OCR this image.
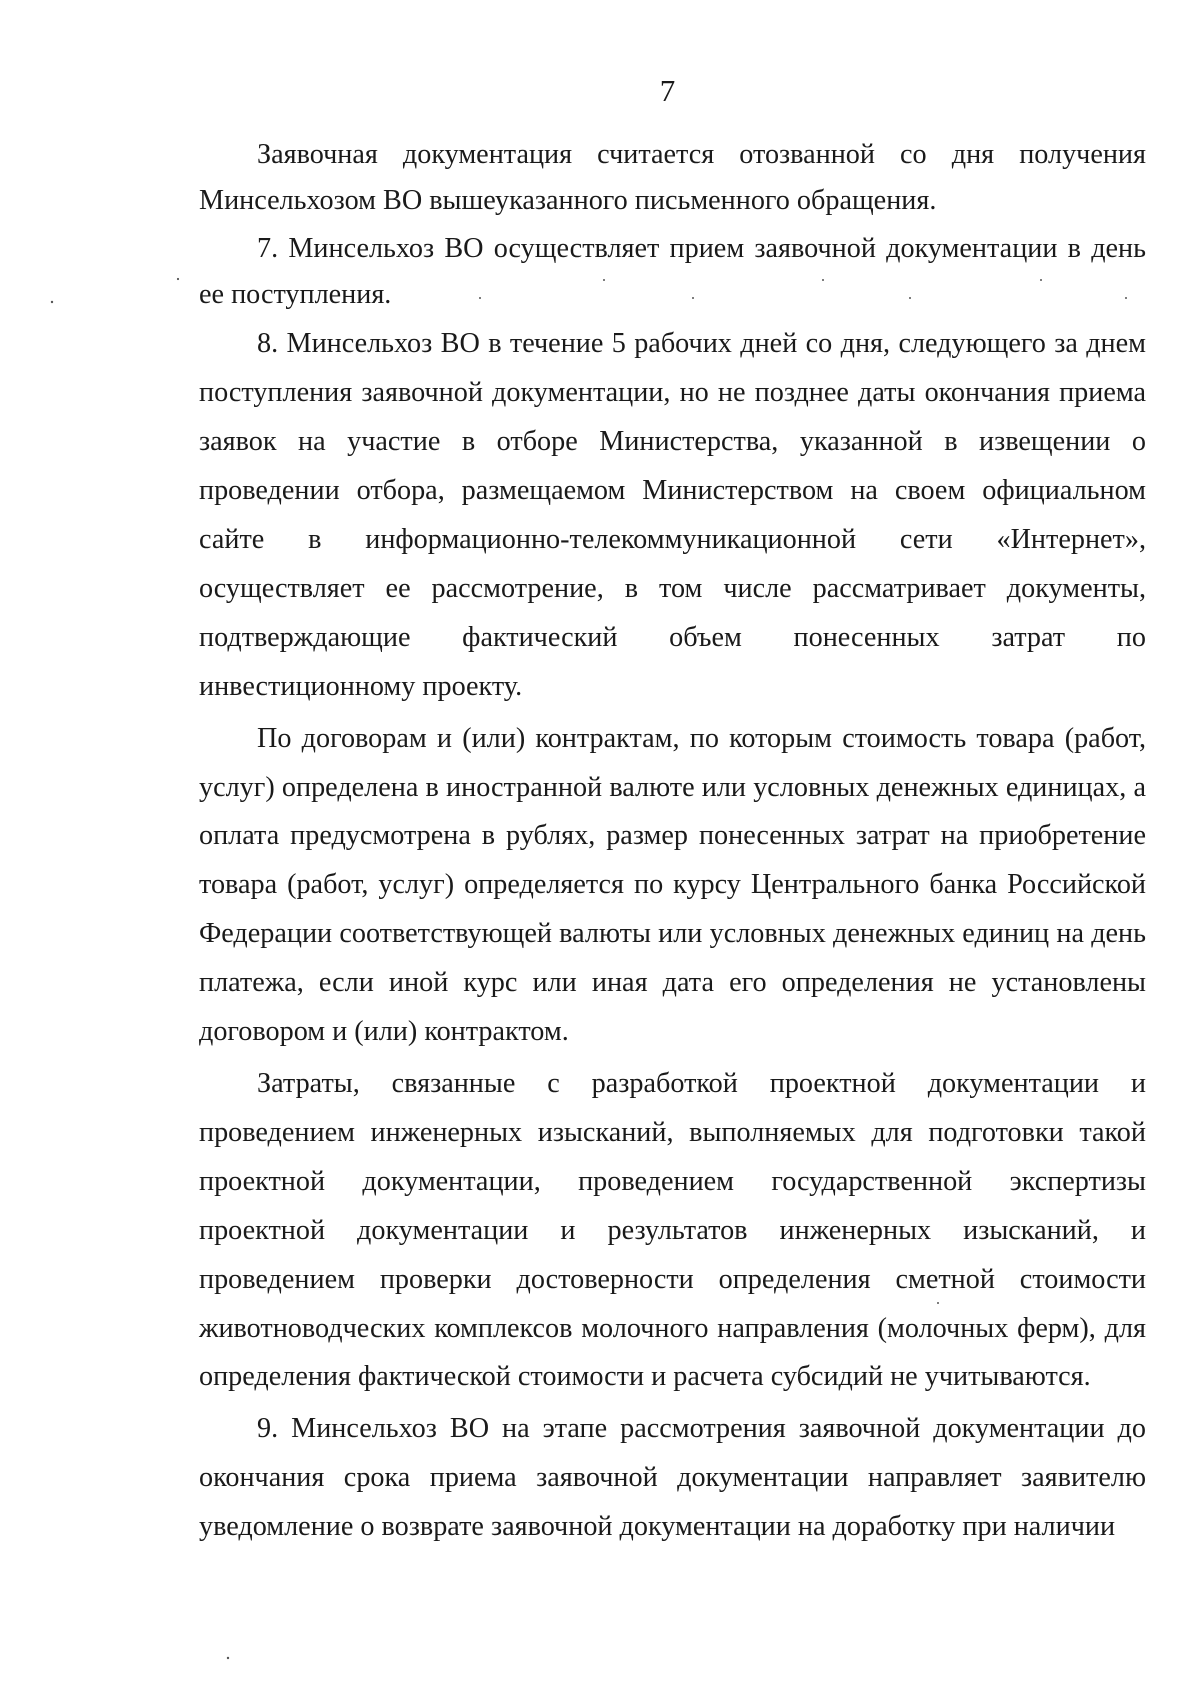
7

Заявочная документация считается отозванной со дня получения Минсельхозом ВО вышеуказанного письменного обращения.

7. Минсельхоз ВО осуществляет прием заявочной документации в день ее поступления.

8. Минсельхоз ВО в течение 5 рабочих дней со дня, следующего за днем поступления заявочной документации, но не позднее даты окончания приема заявок на участие в отборе Министерства, указанной в извещении о проведении отбора, размещаемом Министерством на своем официальном сайте в информационно-телекоммуникационной сети «Интернет», осуществляет ее рассмотрение, в том числе рассматривает документы, подтверждающие фактический объем понесенных затрат по инвестиционному проекту.

По договорам и (или) контрактам, по которым стоимость товара (работ, услуг) определена в иностранной валюте или условных денежных единицах, а оплата предусмотрена в рублях, размер понесенных затрат на приобретение товара (работ, услуг) определяется по курсу Центрального банка Российской Федерации соответствующей валюты или условных денежных единиц на день платежа, если иной курс или иная дата его определения не установлены договором и (или) контрактом.

Затраты, связанные с разработкой проектной документации и проведением инженерных изысканий, выполняемых для подготовки такой проектной документации, проведением государственной экспертизы проектной документации и результатов инженерных изысканий, и проведением проверки достоверности определения сметной стоимости животноводческих комплексов молочного направления (молочных ферм), для определения фактической стоимости и расчета субсидий не учитываются.

9. Минсельхоз ВО на этапе рассмотрения заявочной документации до окончания срока приема заявочной документации направляет заявителю уведомление о возврате заявочной документации на доработку при наличии
